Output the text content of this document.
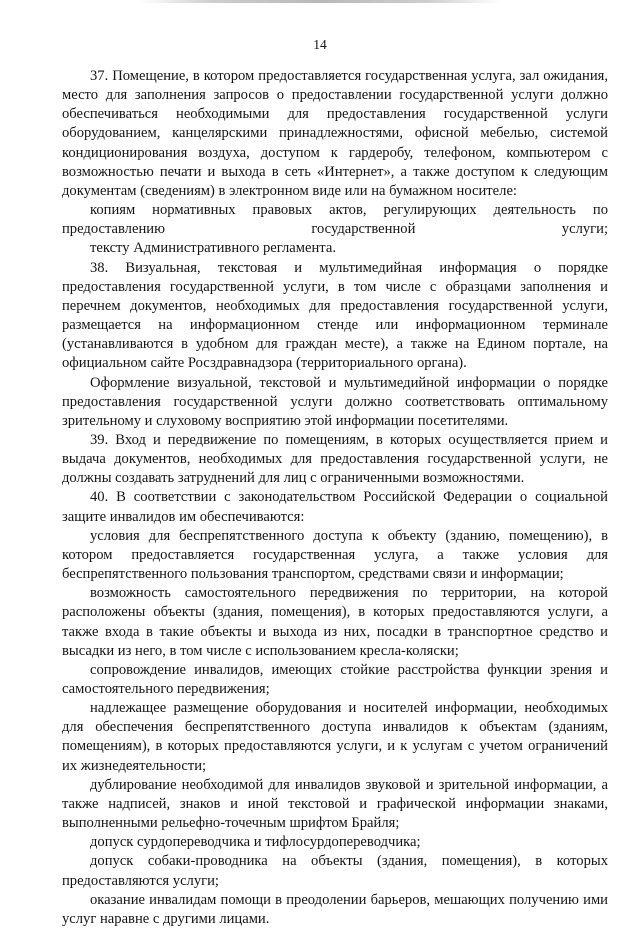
14

37. Помещение, в котором предоставляется государственная услуга, зал ожидания, место для заполнения запросов о предоставлении государственной услуги должно обеспечиваться необходимыми для предоставления государственной услуги оборудованием, канцелярскими принадлежностями, офисной мебелью, системой кондиционирования воздуха, доступом к гардеробу, телефоном, компьютером с возможностью печати и выхода в сеть «Интернет», а также доступом к следующим документам (сведениям) в электронном виде или на бумажном носителе:

копиям нормативных правовых актов, регулирующих деятельность по предоставлению государственной услуги;

тексту Административного регламента.

38. Визуальная, текстовая и мультимедийная информация о порядке предоставления государственной услуги, в том числе с образцами заполнения и перечнем документов, необходимых для предоставления государственной услуги, размещается на информационном стенде или информационном терминале (устанавливаются в удобном для граждан месте), а также на Едином портале, на официальном сайте Росздравнадзора (территориального органа).

Оформление визуальной, текстовой и мультимедийной информации о порядке предоставления государственной услуги должно соответствовать оптимальному зрительному и слуховому восприятию этой информации посетителями.

39. Вход и передвижение по помещениям, в которых осуществляется прием и выдача документов, необходимых для предоставления государственной услуги, не должны создавать затруднений для лиц с ограниченными возможностями.

40. В соответствии с законодательством Российской Федерации о социальной защите инвалидов им обеспечиваются:

условия для беспрепятственного доступа к объекту (зданию, помещению), в котором предоставляется государственная услуга, а также условия для беспрепятственного пользования транспортом, средствами связи и информации;

возможность самостоятельного передвижения по территории, на которой расположены объекты (здания, помещения), в которых предоставляются услуги, а также входа в такие объекты и выхода из них, посадки в транспортное средство и высадки из него, в том числе с использованием кресла-коляски;

сопровождение инвалидов, имеющих стойкие расстройства функции зрения и самостоятельного передвижения;

надлежащее размещение оборудования и носителей информации, необходимых для обеспечения беспрепятственного доступа инвалидов к объектам (зданиям, помещениям), в которых предоставляются услуги, и к услугам с учетом ограничений их жизнедеятельности;

дублирование необходимой для инвалидов звуковой и зрительной информации, а также надписей, знаков и иной текстовой и графической информации знаками, выполненными рельефно-точечным шрифтом Брайля;

допуск сурдопереводчика и тифлосурдопереводчика;

допуск собаки-проводника на объекты (здания, помещения), в которых предоставляются услуги;

оказание инвалидам помощи в преодолении барьеров, мешающих получению ими услуг наравне с другими лицами.
